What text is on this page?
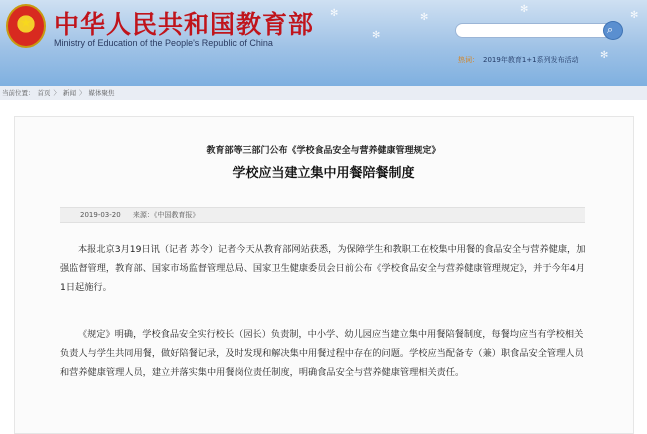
✻
✻
✻
✻
✻
✻
★ 中华人民共和国教育部
Ministry of Education of the People's Republic of China
⌕
热词： 2019年教育1+1系列发布活动
当前位置： 首页 〉 新闻 〉 媒体聚焦
教育部等三部门公布《学校食品安全与营养健康管理规定》
学校应当建立集中用餐陪餐制度
2019-03-20 来源：《中国教育报》

本报北京3月19日讯（记者 苏令）记者今天从教育部网站获悉，为保障学生和教职工在校集中用餐的食品安全与营养健康，加强监督管理，教育部、国家市场监督管理总局、国家卫生健康委员会日前公布《学校食品安全与营养健康管理规定》，并于今年4月1日起施行。

《规定》明确，学校食品安全实行校长（园长）负责制，中小学、幼儿园应当建立集中用餐陪餐制度，每餐均应当有学校相关负责人与学生共同用餐，做好陪餐记录，及时发现和解决集中用餐过程中存在的问题。学校应当配备专（兼）职食品安全管理人员和营养健康管理人员，建立并落实集中用餐岗位责任制度，明确食品安全与营养健康管理相关责任。
